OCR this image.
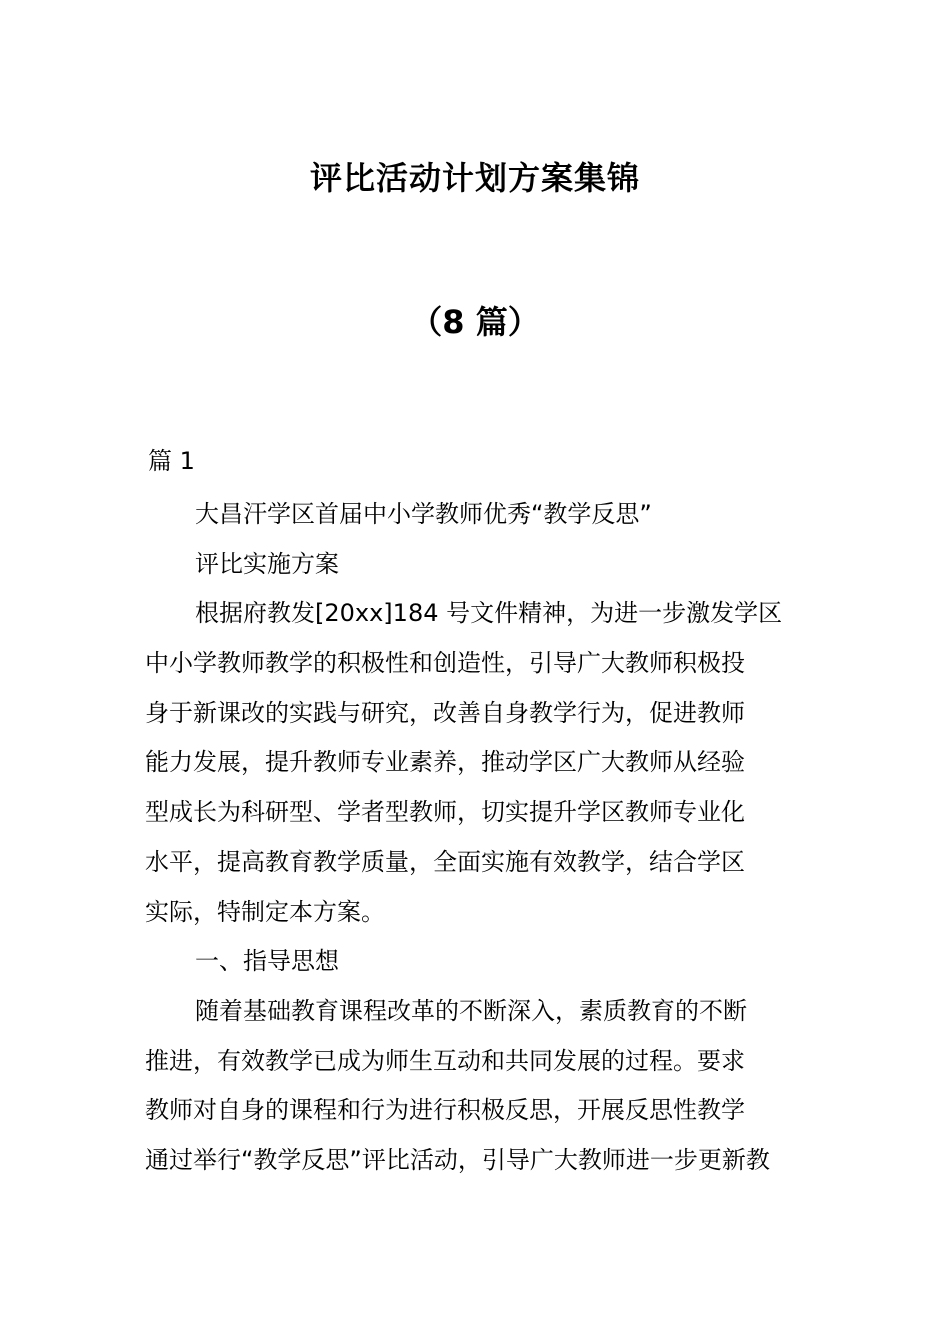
评比活动计划方案集锦
（8 篇）
篇 1

大昌汗学区首届中小学教师优秀“教学反思”

评比实施方案

根据府教发[20xx]184 号文件精神，为进一步激发学区

中小学教师教学的积极性和创造性，引导广大教师积极投

身于新课改的实践与研究，改善自身教学行为，促进教师

能力发展，提升教师专业素养，推动学区广大教师从经验

型成长为科研型、学者型教师，切实提升学区教师专业化

水平，提高教育教学质量，全面实施有效教学，结合学区

实际，特制定本方案。

一、指导思想

随着基础教育课程改革的不断深入，素质教育的不断

推进，有效教学已成为师生互动和共同发展的过程。要求

教师对自身的课程和行为进行积极反思，开展反思性教学

通过举行“教学反思”评比活动，引导广大教师进一步更新教
